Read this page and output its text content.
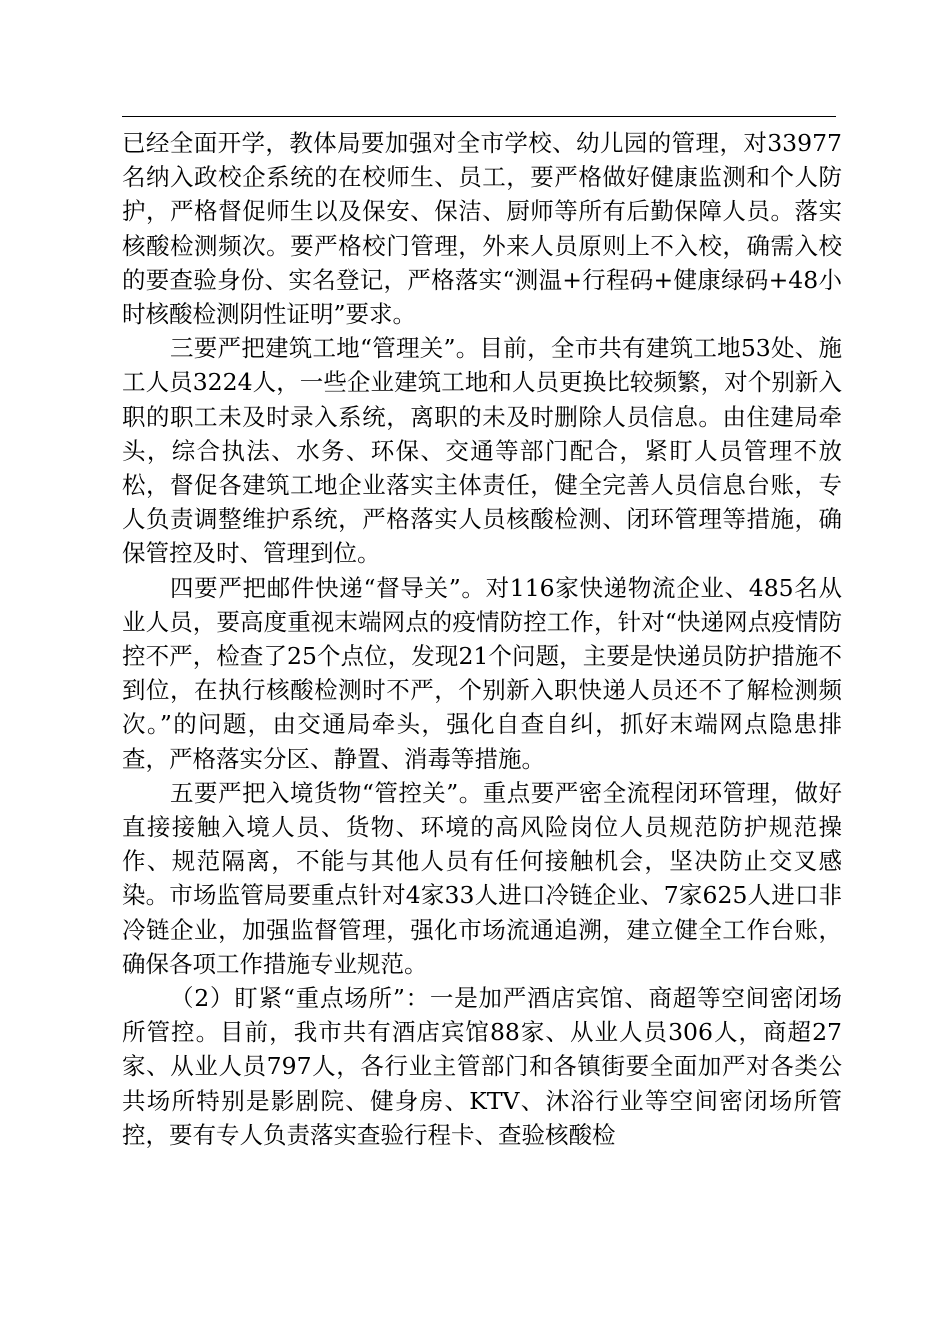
已经全面开学，教体局要加强对全市学校、幼儿园的管理，对33977名纳入政校企系统的在校师生、员工，要严格做好健康监测和个人防护，严格督促师生以及保安、保洁、厨师等所有后勤保障人员。落实核酸检测频次。要严格校门管理，外来人员原则上不入校，确需入校的要查验身份、实名登记，严格落实“测温+行程码+健康绿码+48小时核酸检测阴性证明”要求。

三要严把建筑工地“管理关”。目前，全市共有建筑工地53处、施工人员3224人，一些企业建筑工地和人员更换比较频繁，对个别新入职的职工未及时录入系统，离职的未及时删除人员信息。由住建局牵头，综合执法、水务、环保、交通等部门配合，紧盯人员管理不放松，督促各建筑工地企业落实主体责任，健全完善人员信息台账，专人负责调整维护系统，严格落实人员核酸检测、闭环管理等措施，确保管控及时、管理到位。

四要严把邮件快递“督导关”。对116家快递物流企业、485名从业人员，要高度重视末端网点的疫情防控工作，针对“快递网点疫情防控不严，检查了25个点位，发现21个问题，主要是快递员防护措施不到位，在执行核酸检测时不严，个别新入职快递人员还不了解检测频次。”的问题，由交通局牵头，强化自查自纠，抓好末端网点隐患排查，严格落实分区、静置、消毒等措施。

五要严把入境货物“管控关”。重点要严密全流程闭环管理，做好直接接触入境人员、货物、环境的高风险岗位人员规范防护规范操作、规范隔离，不能与其他人员有任何接触机会，坚决防止交叉感染。市场监管局要重点针对4家33人进口冷链企业、7家625人进口非冷链企业，加强监督管理，强化市场流通追溯，建立健全工作台账，确保各项工作措施专业规范。

（2）盯紧“重点场所”：一是加严酒店宾馆、商超等空间密闭场所管控。目前，我市共有酒店宾馆88家、从业人员306人，商超27家、从业人员797人，各行业主管部门和各镇街要全面加严对各类公共场所特别是影剧院、健身房、KTV、沐浴行业等空间密闭场所管控，要有专人负责落实查验行程卡、查验核酸检
